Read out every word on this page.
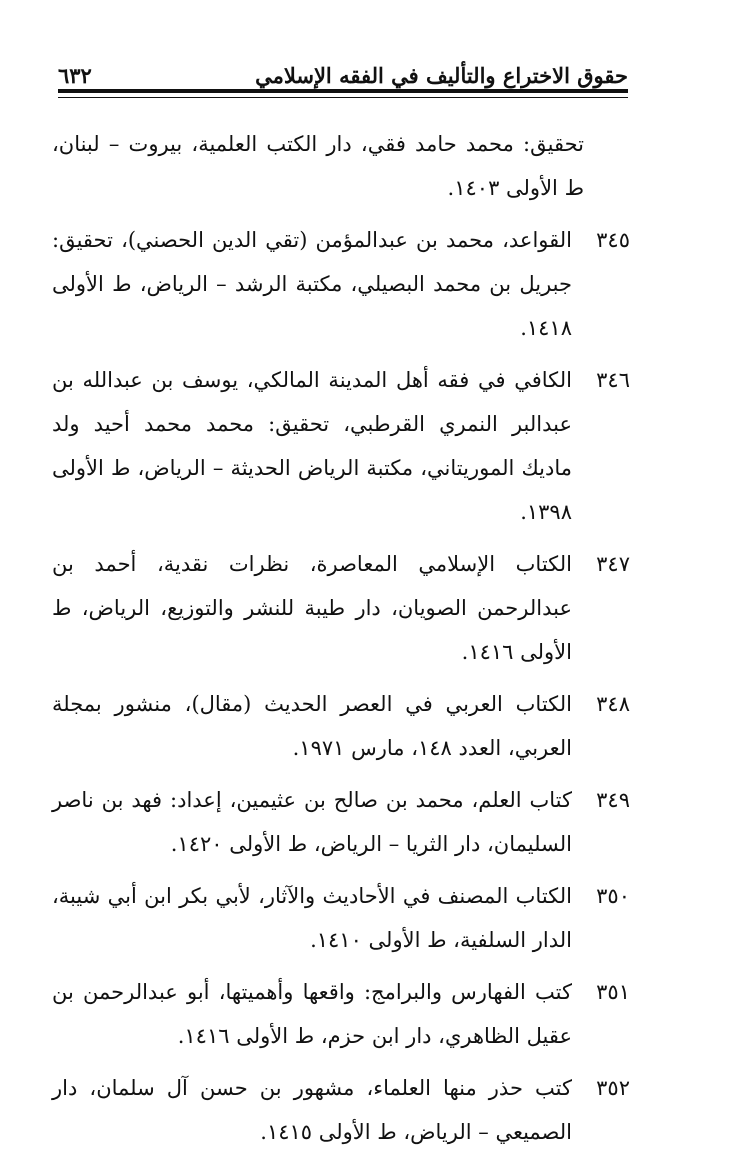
حقوق الاختراع والتأليف في الفقه الإسلامي
٦٣٢
تحقيق: محمد حامد فقي، دار الكتب العلمية، بيروت – لبنان، ط الأولى ١٤٠٣.
٣٤٥
القواعد، محمد بن عبدالمؤمن (تقي الدين الحصني)، تحقيق: جبريل بن محمد البصيلي، مكتبة الرشد – الرياض، ط الأولى ١٤١٨.
٣٤٦
الكافي في فقه أهل المدينة المالكي، يوسف بن عبدالله بن عبدالبر النمري القرطبي، تحقيق: محمد محمد أحيد ولد ماديك الموريتاني، مكتبة الرياض الحديثة – الرياض، ط الأولى ١٣٩٨.
٣٤٧
الكتاب الإسلامي المعاصرة، نظرات نقدية، أحمد بن عبدالرحمن الصويان، دار طيبة للنشر والتوزيع، الرياض، ط الأولى ١٤١٦.
٣٤٨
الكتاب العربي في العصر الحديث (مقال)، منشور بمجلة العربي، العدد ١٤٨، مارس ١٩٧١.
٣٤٩
كتاب العلم، محمد بن صالح بن عثيمين، إعداد: فهد بن ناصر السليمان، دار الثريا – الرياض، ط الأولى ١٤٢٠.
٣٥٠
الكتاب المصنف في الأحاديث والآثار، لأبي بكر ابن أبي شيبة، الدار السلفية، ط الأولى ١٤١٠.
٣٥١
كتب الفهارس والبرامج: واقعها وأهميتها، أبو عبدالرحمن بن عقيل الظاهري، دار ابن حزم، ط الأولى ١٤١٦.
٣٥٢
كتب حذر منها العلماء، مشهور بن حسن آل سلمان، دار الصميعي – الرياض، ط الأولى ١٤١٥.
